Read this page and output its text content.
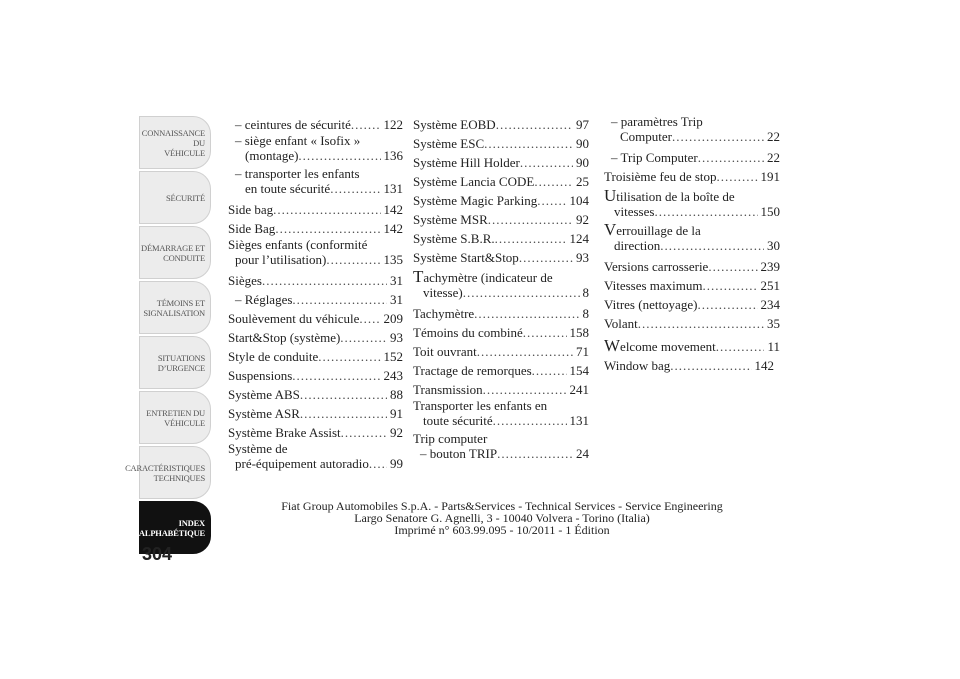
CONNAISSANCE DU
VÉHICULE
SÉCURITÉ
DÉMARRAGE ET
CONDUITE
TÉMOINS ET
SIGNALISATION
SITUATIONS
D’URGENCE
ENTRETIEN DU
VÉHICULE
CARACTÉRISTIQUES
TECHNIQUES
INDEX
ALPHABÉTIQUE
304
– ceintures de sécurité .....	122
– siège enfant « Isofix »
(montage) .....	136
– transporter les enfants
en toute sécurité .....	131
Side bag .....	142
Side Bag .....	142
Sièges enfants (conformité
pour l’utilisation) .....	135
Sièges .....	31
– Réglages .....	31
Soulèvement du véhicule ..... 209
Start&Stop (système) .....	93
Style de conduite .....	152
Suspensions .....	243
Système ABS .....	88
Système ASR .....	91
Système Brake Assist .....	92
Système de
pré-équipement autoradio ..... 99
Système EOBD .....	97
Système ESC .....	90
Système Hill Holder .....	90
Système Lancia CODE .....	25
Système Magic Parking ..... 104
Système MSR .....	92
Système S.B.R. .....	124
Système Start&Stop .....	93
Tachymètre (indicateur de
vitesse) .....	8
Tachymètre .....	8
Témoins du combiné .....	158
Toit ouvrant .....	71
Tractage de remorques .....	154
Transmission .....	241
Transporter les enfants en
toute sécurité .....	131
Trip computer
– bouton TRIP .....	24
– paramètres Trip
Computer .....	22
– Trip Computer .....	22
Troisième feu de stop .....	191
Utilisation de la boîte de
vitesses .....	150
Verrouillage de la
direction .....	30
Versions carrosserie .....	239
Vitesses maximum .....	251
Vitres (nettoyage) .....	234
Volant .....	35
Welcome movement .....	11
Window bag .....	142
Fiat Group Automobiles S.p.A. - Parts&Services - Technical Services - Service Engineering
Largo Senatore G. Agnelli, 3 - 10040 Volvera - Torino (Italia)
Imprimé n° 603.99.095 - 10/2011 - 1 Édition
